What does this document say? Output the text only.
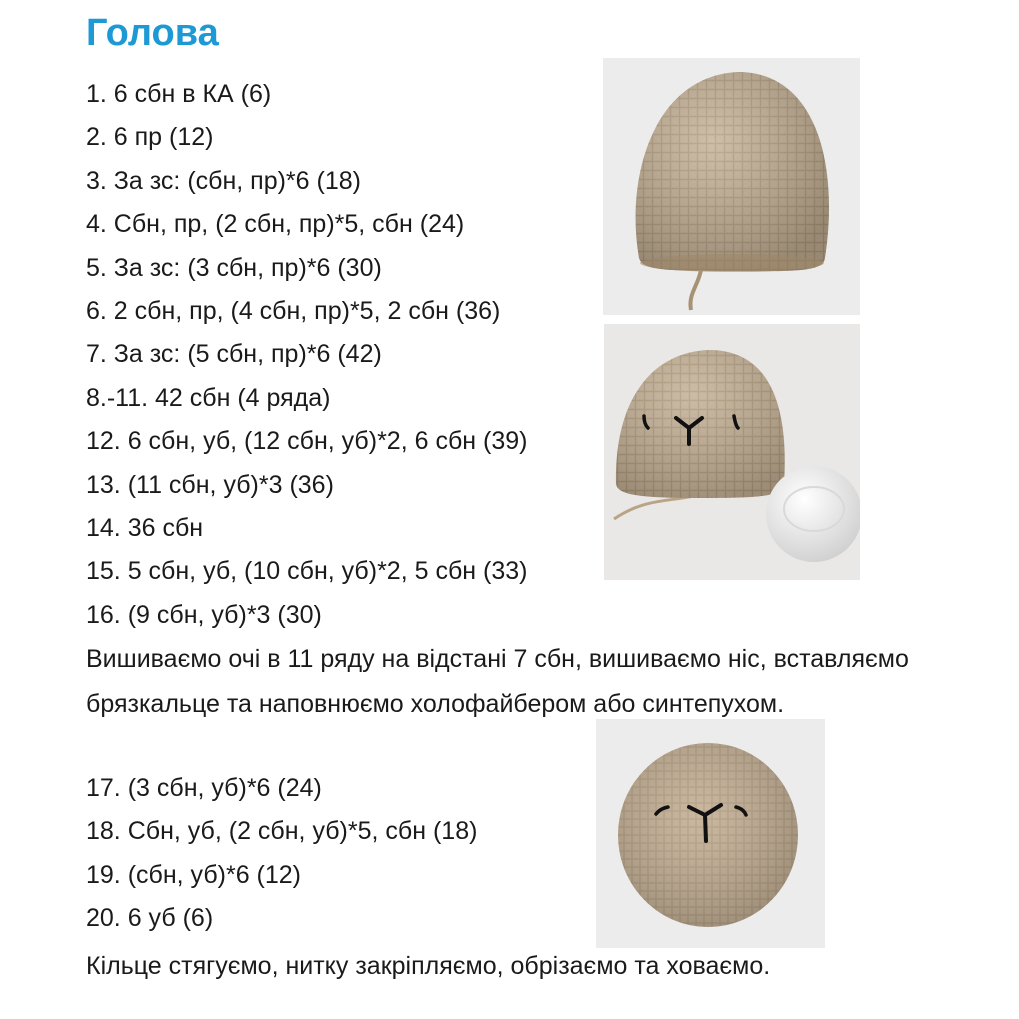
Голова
1. 6 сбн в КА (6)
2. 6 пр (12)
3. За зс: (сбн, пр)*6 (18)
4. Сбн, пр, (2 сбн, пр)*5, сбн (24)
5. За зс: (3 сбн, пр)*6 (30)
6. 2 сбн, пр, (4 сбн, пр)*5, 2 сбн (36)
7. За зс: (5 сбн, пр)*6 (42)
8.-11. 42 сбн (4 ряда)
12. 6 сбн, уб, (12 сбн, уб)*2, 6 сбн (39)
13. (11 сбн, уб)*3 (36)
14. 36 сбн
15. 5 сбн, уб, (10 сбн, уб)*2, 5 сбн (33)
16. (9 сбн, уб)*3 (30)
Вишиваємо очі в 11 ряду на відстані 7 сбн, вишиваємо ніс, вставляємо брязкальце та наповнюємо холофайбером або синтепухом.
17. (3 сбн, уб)*6 (24)
18. Сбн, уб, (2 сбн, уб)*5, сбн (18)
19. (сбн, уб)*6 (12)
20. 6 уб (6)
Кільце стягуємо, нитку закріпляємо, обрізаємо та ховаємо.
